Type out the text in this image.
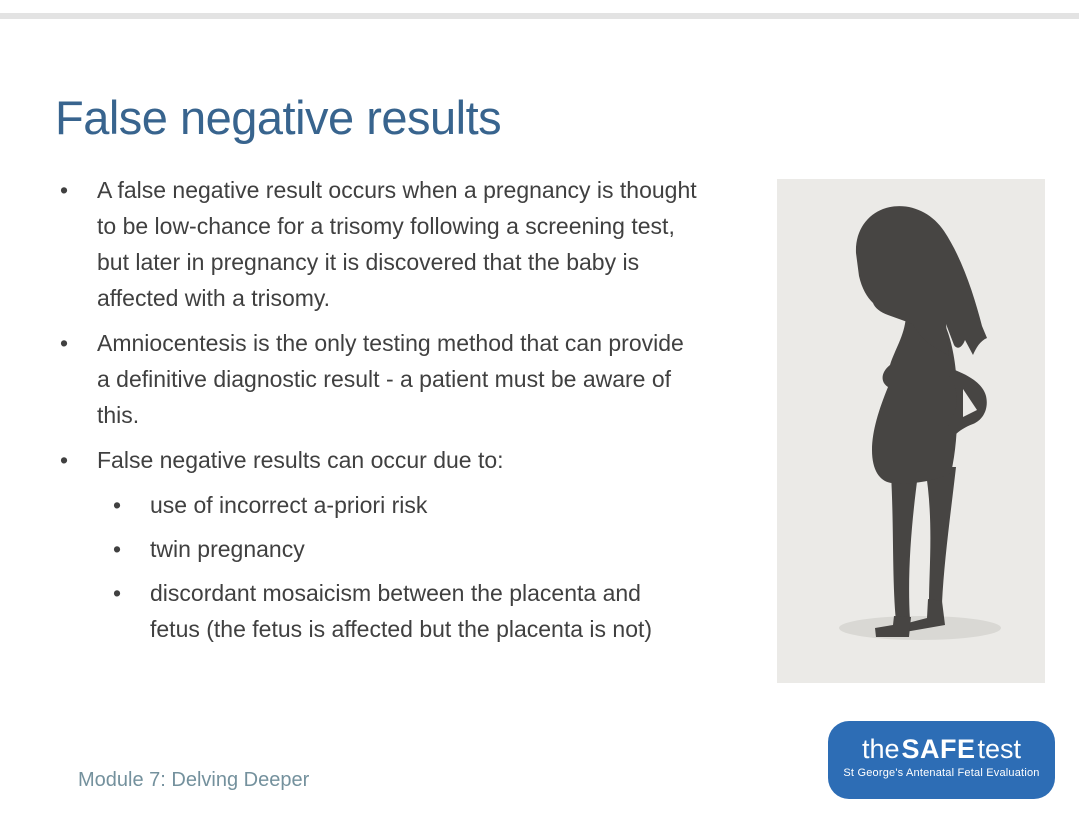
False negative results
•
A false negative result occurs when a pregnancy is thought to be low-chance for a trisomy following a screening test, but later in pregnancy it is discovered that the baby is affected with a trisomy.
•
Amniocentesis is the only testing method that can provide a definitive diagnostic result - a patient must be aware of this.
•
False negative results can occur due to:
•
use of incorrect a-priori risk
•
twin pregnancy
•
discordant mosaicism between the placenta and fetus (the fetus is affected but the placenta is not)
Module 7: Delving Deeper
theSAFEtest
St George's Antenatal Fetal Evaluation
